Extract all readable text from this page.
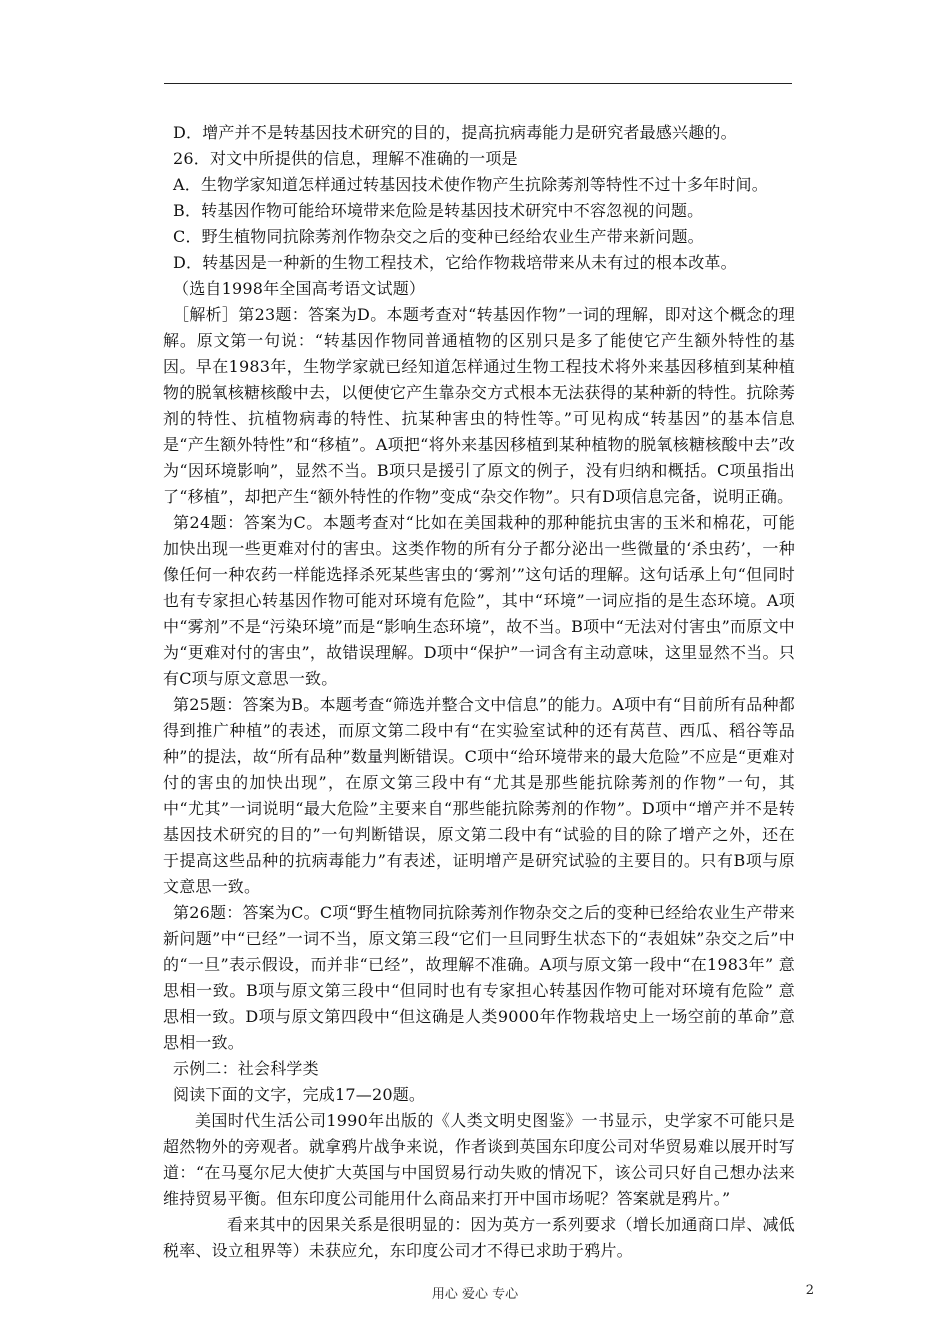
D．增产并不是转基因技术研究的目的，提高抗病毒能力是研究者最感兴趣的。

26．对文中所提供的信息，理解不准确的一项是

A．生物学家知道怎样通过转基因技术使作物产生抗除莠剂等特性不过十多年时间。

B．转基因作物可能给环境带来危险是转基因技术研究中不容忽视的问题。

C．野生植物同抗除莠剂作物杂交之后的变种已经给农业生产带来新问题。

D．转基因是一种新的生物工程技术，它给作物栽培带来从未有过的根本改革。

（选自1998年全国高考语文试题）

［解析］第23题：答案为D。本题考查对“转基因作物”一词的理解，即对这个概念的理解。原文第一句说：“转基因作物同普通植物的区别只是多了能使它产生额外特性的基因。早在1983年，生物学家就已经知道怎样通过生物工程技术将外来基因移植到某种植物的脱氧核糖核酸中去，以便使它产生靠杂交方式根本无法获得的某种新的特性。抗除莠剂的特性、抗植物病毒的特性、抗某种害虫的特性等。”可见构成“转基因”的基本信息是“产生额外特性”和“移植”。A项把“将外来基因移植到某种植物的脱氧核糖核酸中去”改为“因环境影响”，显然不当。B项只是援引了原文的例子，没有归纳和概括。C项虽指出了“移植”，却把产生“额外特性的作物”变成“杂交作物”。只有D项信息完备，说明正确。

第24题：答案为C。本题考查对“比如在美国栽种的那种能抗虫害的玉米和棉花，可能加快出现一些更难对付的害虫。这类作物的所有分子都分泌出一些微量的‘杀虫药’，一种像任何一种农药一样能选择杀死某些害虫的‘雾剂’”这句话的理解。这句话承上句“但同时也有专家担心转基因作物可能对环境有危险”，其中“环境”一词应指的是生态环境。A项中“雾剂”不是“污染环境”而是“影响生态环境”，故不当。B项中“无法对付害虫”而原文中为“更难对付的害虫”，故错误理解。D项中“保护”一词含有主动意味，这里显然不当。只有C项与原文意思一致。

第25题：答案为B。本题考查“筛选并整合文中信息”的能力。A项中有“目前所有品种都得到推广种植”的表述，而原文第二段中有“在实验室试种的还有莴苣、西瓜、稻谷等品种”的提法，故“所有品种”数量判断错误。C项中“给环境带来的最大危险”不应是“更难对付的害虫的加快出现”，在原文第三段中有“尤其是那些能抗除莠剂的作物”一句，其中“尤其”一词说明“最大危险”主要来自“那些能抗除莠剂的作物”。D项中“增产并不是转基因技术研究的目的”一句判断错误，原文第二段中有“试验的目的除了增产之外，还在于提高这些品种的抗病毒能力”有表述，证明增产是研究试验的主要目的。只有B项与原文意思一致。

第26题：答案为C。C项“野生植物同抗除莠剂作物杂交之后的变种已经给农业生产带来新问题”中“已经”一词不当，原文第三段“它们一旦同野生状态下的“表姐妹”杂交之后”中的“一旦”表示假设，而并非“已经”，故理解不准确。A项与原文第一段中“在1983年” 意思相一致。B项与原文第三段中“但同时也有专家担心转基因作物可能对环境有危险” 意思相一致。D项与原文第四段中“但这确是人类9000年作物栽培史上一场空前的革命”意思相一致。

示例二：社会科学类

阅读下面的文字，完成17—20题。

美国时代生活公司1990年出版的《人类文明史图鉴》一书显示，史学家不可能只是超然物外的旁观者。就拿鸦片战争来说，作者谈到英国东印度公司对华贸易难以展开时写道：“在马戛尔尼大使扩大英国与中国贸易行动失败的情况下，该公司只好自己想办法来维持贸易平衡。但东印度公司能用什么商品来打开中国市场呢？答案就是鸦片。”

看来其中的因果关系是很明显的：因为英方一系列要求（增长加通商口岸、减低税率、设立租界等）未获应允，东印度公司才不得已求助于鸦片。

用心 爱心 专心	2
